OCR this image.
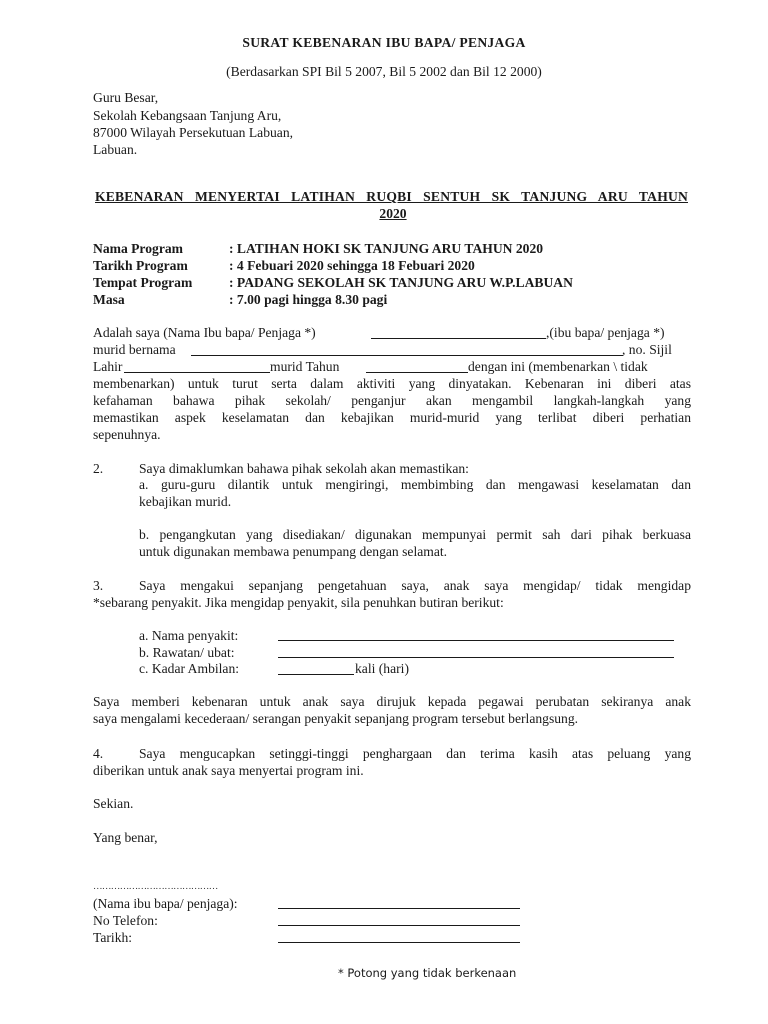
SURAT KEBENARAN IBU BAPA/ PENJAGA
(Berdasarkan SPI Bil 5 2007, Bil 5 2002 dan Bil 12 2000)
Guru Besar,
Sekolah Kebangsaan Tanjung Aru,
87000 Wilayah Persekutuan Labuan,
Labuan.
KEBENARAN MENYERTAI LATIHAN RUQBI SENTUH SK TANJUNG ARU TAHUN
2020
Nama Program	: LATIHAN HOKI SK TANJUNG ARU TAHUN 2020
Tarikh Program	: 4 Febuari 2020 sehingga 18 Febuari 2020
Tempat Program	: PADANG SEKOLAH SK TANJUNG ARU W.P.LABUAN
Masa	: 7.00 pagi hingga 8.30 pagi
Adalah saya (Nama Ibu bapa/ Penjaga *)	,(ibu bapa/ penjaga *)
murid bernama	, no. Sijil
Lahir	murid Tahun	dengan ini (membenarkan \ tidak
membenarkan) untuk turut serta dalam aktiviti yang dinyatakan. Kebenaran ini diberi atas
kefahaman bahawa pihak sekolah/ penganjur akan mengambil langkah-langkah yang
memastikan aspek keselamatan dan kebajikan murid-murid yang terlibat diberi perhatian
sepenuhnya.
2.	Saya dimaklumkan bahawa pihak sekolah akan memastikan:
a. guru-guru dilantik untuk mengiringi, membimbing dan mengawasi keselamatan dan
kebajikan murid.
b. pengangkutan yang disediakan/ digunakan mempunyai permit sah dari pihak berkuasa
untuk digunakan membawa penumpang dengan selamat.
3.	Saya mengakui sepanjang pengetahuan saya, anak saya mengidap/ tidak mengidap
*sebarang penyakit. Jika mengidap penyakit, sila penuhkan butiran berikut:
a. Nama penyakit:
b. Rawatan/ ubat:
c. Kadar Ambilan:	kali (hari)
Saya memberi kebenaran untuk anak saya dirujuk kepada pegawai perubatan sekiranya anak
saya mengalami kecederaan/ serangan penyakit sepanjang program tersebut berlangsung.
4.	Saya mengucapkan setinggi-tinggi penghargaan dan terima kasih atas peluang yang
diberikan untuk anak saya menyertai program ini.
Sekian.
Yang benar,
……………………………………
(Nama ibu bapa/ penjaga):
No Telefon:
Tarikh:
* Potong yang tidak berkenaan
